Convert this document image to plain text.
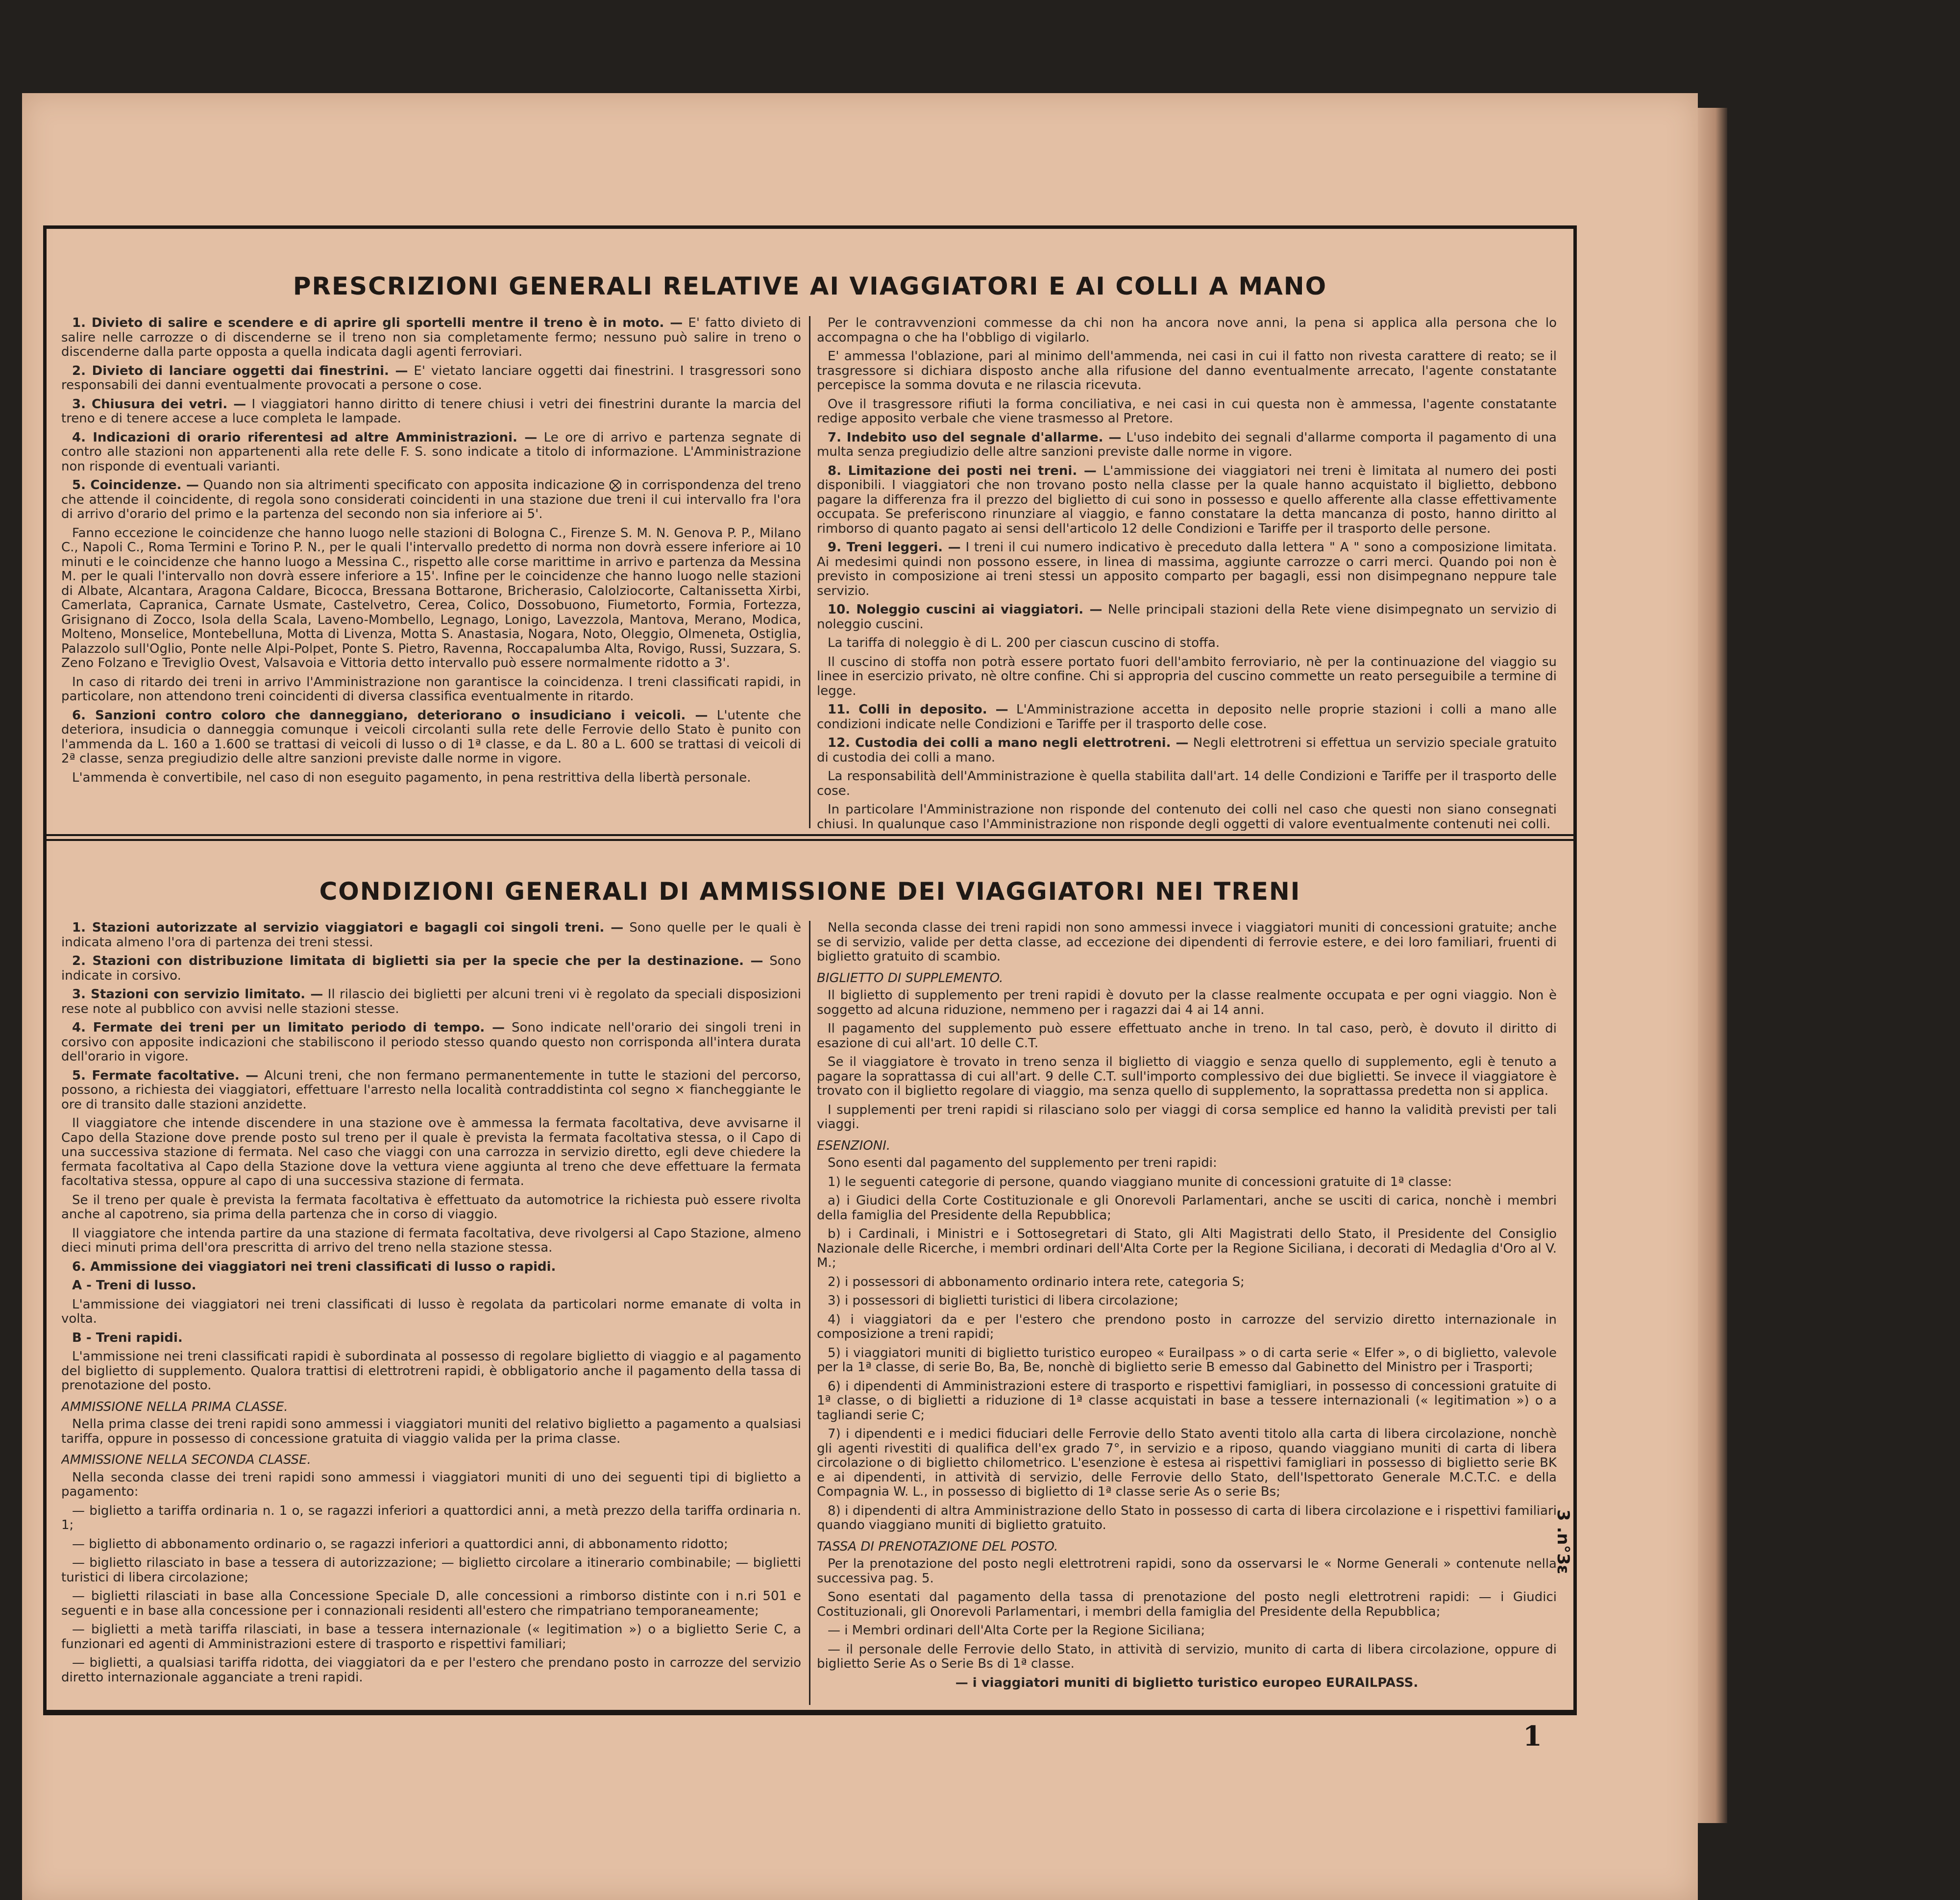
PRESCRIZIONI GENERALI RELATIVE AI VIAGGIATORI E AI COLLI A MANO

1. Divieto di salire e scendere e di aprire gli sportelli mentre il treno è in moto. — E' fatto divieto di salire nelle carrozze o di discenderne se il treno non sia completamente fermo; nessuno può salire in treno o discenderne dalla parte opposta a quella indicata dagli agenti ferroviari.

2. Divieto di lanciare oggetti dai finestrini. — E' vietato lanciare oggetti dai finestrini. I trasgressori sono responsabili dei danni eventualmente provocati a persone o cose.

3. Chiusura dei vetri. — I viaggiatori hanno diritto di tenere chiusi i vetri dei finestrini durante la marcia del treno e di tenere accese a luce completa le lampade.

4. Indicazioni di orario riferentesi ad altre Amministrazioni. — Le ore di arrivo e partenza segnate di contro alle stazioni non appartenenti alla rete delle F. S. sono indicate a titolo di informazione. L'Amministrazione non risponde di eventuali varianti.

5. Coincidenze. — Quando non sia altrimenti specificato con apposita indicazione ⨂ in corrispondenza del treno che attende il coincidente, di regola sono considerati coincidenti in una stazione due treni il cui intervallo fra l'ora di arrivo d'orario del primo e la partenza del secondo non sia inferiore ai 5'.

Fanno eccezione le coincidenze che hanno luogo nelle stazioni di Bologna C., Firenze S. M. N. Genova P. P., Milano C., Napoli C., Roma Termini e Torino P. N., per le quali l'intervallo predetto di norma non dovrà essere inferiore ai 10 minuti e le coincidenze che hanno luogo a Messina C., rispetto alle corse marittime in arrivo e partenza da Messina M. per le quali l'intervallo non dovrà essere inferiore a 15'. Infine per le coincidenze che hanno luogo nelle stazioni di Albate, Alcantara, Aragona Caldare, Bicocca, Bressana Bottarone, Bricherasio, Calolziocorte, Caltanissetta Xirbi, Camerlata, Capranica, Carnate Usmate, Castelvetro, Cerea, Colico, Dossobuono, Fiumetorto, Formia, Fortezza, Grisignano di Zocco, Isola della Scala, Laveno-Mombello, Legnago, Lonigo, Lavezzola, Mantova, Merano, Modica, Molteno, Monselice, Montebelluna, Motta di Livenza, Motta S. Anastasia, Nogara, Noto, Oleggio, Olmeneta, Ostiglia, Palazzolo sull'Oglio, Ponte nelle Alpi-Polpet, Ponte S. Pietro, Ravenna, Roccapalumba Alta, Rovigo, Russi, Suzzara, S. Zeno Folzano e Treviglio Ovest, Valsavoia e Vittoria detto intervallo può essere normalmente ridotto a 3'.

In caso di ritardo dei treni in arrivo l'Amministrazione non garantisce la coincidenza. I treni classificati rapidi, in particolare, non attendono treni coincidenti di diversa classifica eventualmente in ritardo.

6. Sanzioni contro coloro che danneggiano, deteriorano o insudiciano i veicoli. — L'utente che deteriora, insudicia o danneggia comunque i veicoli circolanti sulla rete delle Ferrovie dello Stato è punito con l'ammenda da L. 160 a 1.600 se trattasi di veicoli di lusso o di 1ª classe, e da L. 80 a L. 600 se trattasi di veicoli di 2ª classe, senza pregiudizio delle altre sanzioni previste dalle norme in vigore.

L'ammenda è convertibile, nel caso di non eseguito pagamento, in pena restrittiva della libertà personale.

Per le contravvenzioni commesse da chi non ha ancora nove anni, la pena si applica alla persona che lo accompagna o che ha l'obbligo di vigilarlo.

E' ammessa l'oblazione, pari al minimo dell'ammenda, nei casi in cui il fatto non rivesta carattere di reato; se il trasgressore si dichiara disposto anche alla rifusione del danno eventualmente arrecato, l'agente constatante percepisce la somma dovuta e ne rilascia ricevuta.

Ove il trasgressore rifiuti la forma conciliativa, e nei casi in cui questa non è ammessa, l'agente constatante redige apposito verbale che viene trasmesso al Pretore.

7. Indebito uso del segnale d'allarme. — L'uso indebito dei segnali d'allarme comporta il pagamento di una multa senza pregiudizio delle altre sanzioni previste dalle norme in vigore.

8. Limitazione dei posti nei treni. — L'ammissione dei viaggiatori nei treni è limitata al numero dei posti disponibili. I viaggiatori che non trovano posto nella classe per la quale hanno acquistato il biglietto, debbono pagare la differenza fra il prezzo del biglietto di cui sono in possesso e quello afferente alla classe effettivamente occupata. Se preferiscono rinunziare al viaggio, e fanno constatare la detta mancanza di posto, hanno diritto al rimborso di quanto pagato ai sensi dell'articolo 12 delle Condizioni e Tariffe per il trasporto delle persone.

9. Treni leggeri. — I treni il cui numero indicativo è preceduto dalla lettera " A " sono a composizione limitata. Ai medesimi quindi non possono essere, in linea di massima, aggiunte carrozze o carri merci. Quando poi non è previsto in composizione ai treni stessi un apposito comparto per bagagli, essi non disimpegnano neppure tale servizio.

10. Noleggio cuscini ai viaggiatori. — Nelle principali stazioni della Rete viene disimpegnato un servizio di noleggio cuscini.

La tariffa di noleggio è di L. 200 per ciascun cuscino di stoffa.

Il cuscino di stoffa non potrà essere portato fuori dell'ambito ferroviario, nè per la continuazione del viaggio su linee in esercizio privato, nè oltre confine. Chi si appropria del cuscino commette un reato perseguibile a termine di legge.

11. Colli in deposito. — L'Amministrazione accetta in deposito nelle proprie stazioni i colli a mano alle condizioni indicate nelle Condizioni e Tariffe per il trasporto delle cose.

12. Custodia dei colli a mano negli elettrotreni. — Negli elettrotreni si effettua un servizio speciale gratuito di custodia dei colli a mano.

La responsabilità dell'Amministrazione è quella stabilita dall'art. 14 delle Condizioni e Tariffe per il trasporto delle cose.

In particolare l'Amministrazione non risponde del contenuto dei colli nel caso che questi non siano consegnati chiusi. In qualunque caso l'Amministrazione non risponde degli oggetti di valore eventualmente contenuti nei colli.

CONDIZIONI GENERALI DI AMMISSIONE DEI VIAGGIATORI NEI TRENI

1. Stazioni autorizzate al servizio viaggiatori e bagagli coi singoli treni. — Sono quelle per le quali è indicata almeno l'ora di partenza dei treni stessi.

2. Stazioni con distribuzione limitata di biglietti sia per la specie che per la destinazione. — Sono indicate in corsivo.

3. Stazioni con servizio limitato. — Il rilascio dei biglietti per alcuni treni vi è regolato da speciali disposizioni rese note al pubblico con avvisi nelle stazioni stesse.

4. Fermate dei treni per un limitato periodo di tempo. — Sono indicate nell'orario dei singoli treni in corsivo con apposite indicazioni che stabiliscono il periodo stesso quando questo non corrisponda all'intera durata dell'orario in vigore.

5. Fermate facoltative. — Alcuni treni, che non fermano permanentemente in tutte le stazioni del percorso, possono, a richiesta dei viaggiatori, effettuare l'arresto nella località contraddistinta col segno × fiancheggiante le ore di transito dalle stazioni anzidette.

Il viaggiatore che intende discendere in una stazione ove è ammessa la fermata facoltativa, deve avvisarne il Capo della Stazione dove prende posto sul treno per il quale è prevista la fermata facoltativa stessa, o il Capo di una successiva stazione di fermata. Nel caso che viaggi con una carrozza in servizio diretto, egli deve chiedere la fermata facoltativa al Capo della Stazione dove la vettura viene aggiunta al treno che deve effettuare la fermata facoltativa stessa, oppure al capo di una successiva stazione di fermata.

Se il treno per quale è prevista la fermata facoltativa è effettuato da automotrice la richiesta può essere rivolta anche al capotreno, sia prima della partenza che in corso di viaggio.

Il viaggiatore che intenda partire da una stazione di fermata facoltativa, deve rivolgersi al Capo Stazione, almeno dieci minuti prima dell'ora prescritta di arrivo del treno nella stazione stessa.

6. Ammissione dei viaggiatori nei treni classificati di lusso o rapidi.

A - Treni di lusso.

L'ammissione dei viaggiatori nei treni classificati di lusso è regolata da particolari norme emanate di volta in volta.

B - Treni rapidi.

L'ammissione nei treni classificati rapidi è subordinata al possesso di regolare biglietto di viaggio e al pagamento del biglietto di supplemento. Qualora trattisi di elettrotreni rapidi, è obbligatorio anche il pagamento della tassa di prenotazione del posto.

AMMISSIONE NELLA PRIMA CLASSE.

Nella prima classe dei treni rapidi sono ammessi i viaggiatori muniti del relativo biglietto a pagamento a qualsiasi tariffa, oppure in possesso di concessione gratuita di viaggio valida per la prima classe.

AMMISSIONE NELLA SECONDA CLASSE.

Nella seconda classe dei treni rapidi sono ammessi i viaggiatori muniti di uno dei seguenti tipi di biglietto a pagamento:

— biglietto a tariffa ordinaria n. 1 o, se ragazzi inferiori a quattordici anni, a metà prezzo della tariffa ordinaria n. 1;

— biglietto di abbonamento ordinario o, se ragazzi inferiori a quattordici anni, di abbonamento ridotto;

— biglietto rilasciato in base a tessera di autorizzazione; — biglietto circolare a itinerario combinabile; — biglietti turistici di libera circolazione;

— biglietti rilasciati in base alla Concessione Speciale D, alle concessioni a rimborso distinte con i n.ri 501 e seguenti e in base alla concessione per i connazionali residenti all'estero che rimpatriano temporaneamente;

— biglietti a metà tariffa rilasciati, in base a tessera internazionale (« legitimation ») o a biglietto Serie C, a funzionari ed agenti di Amministrazioni estere di trasporto e rispettivi familiari;

— biglietti, a qualsiasi tariffa ridotta, dei viaggiatori da e per l'estero che prendano posto in carrozze del servizio diretto internazionale agganciate a treni rapidi.

Nella seconda classe dei treni rapidi non sono ammessi invece i viaggiatori muniti di concessioni gratuite; anche se di servizio, valide per detta classe, ad eccezione dei dipendenti di ferrovie estere, e dei loro familiari, fruenti di biglietto gratuito di scambio.

BIGLIETTO DI SUPPLEMENTO.

Il biglietto di supplemento per treni rapidi è dovuto per la classe realmente occupata e per ogni viaggio. Non è soggetto ad alcuna riduzione, nemmeno per i ragazzi dai 4 ai 14 anni.

Il pagamento del supplemento può essere effettuato anche in treno. In tal caso, però, è dovuto il diritto di esazione di cui all'art. 10 delle C.T.

Se il viaggiatore è trovato in treno senza il biglietto di viaggio e senza quello di supplemento, egli è tenuto a pagare la soprattassa di cui all'art. 9 delle C.T. sull'importo complessivo dei due biglietti. Se invece il viaggiatore è trovato con il biglietto regolare di viaggio, ma senza quello di supplemento, la soprattassa predetta non si applica.

I supplementi per treni rapidi si rilasciano solo per viaggi di corsa semplice ed hanno la validità previsti per tali viaggi.

ESENZIONI.

Sono esenti dal pagamento del supplemento per treni rapidi:

1) le seguenti categorie di persone, quando viaggiano munite di concessioni gratuite di 1ª classe:

a) i Giudici della Corte Costituzionale e gli Onorevoli Parlamentari, anche se usciti di carica, nonchè i membri della famiglia del Presidente della Repubblica;

b) i Cardinali, i Ministri e i Sottosegretari di Stato, gli Alti Magistrati dello Stato, il Presidente del Consiglio Nazionale delle Ricerche, i membri ordinari dell'Alta Corte per la Regione Siciliana, i decorati di Medaglia d'Oro al V. M.;

2) i possessori di abbonamento ordinario intera rete, categoria S;

3) i possessori di biglietti turistici di libera circolazione;

4) i viaggiatori da e per l'estero che prendono posto in carrozze del servizio diretto internazionale in composizione a treni rapidi;

5) i viaggiatori muniti di biglietto turistico europeo « Eurailpass » o di carta serie « Elfer », o di biglietto, valevole per la 1ª classe, di serie Bo, Ba, Be, nonchè di biglietto serie B emesso dal Gabinetto del Ministro per i Trasporti;

6) i dipendenti di Amministrazioni estere di trasporto e rispettivi famigliari, in possesso di concessioni gratuite di 1ª classe, o di biglietti a riduzione di 1ª classe acquistati in base a tessere internazionali (« legitimation ») o a tagliandi serie C;

7) i dipendenti e i medici fiduciari delle Ferrovie dello Stato aventi titolo alla carta di libera circolazione, nonchè gli agenti rivestiti di qualifica dell'ex grado 7°, in servizio e a riposo, quando viaggiano muniti di carta di libera circolazione o di biglietto chilometrico. L'esenzione è estesa ai rispettivi famigliari in possesso di biglietto serie BK e ai dipendenti, in attività di servizio, delle Ferrovie dello Stato, dell'Ispettorato Generale M.C.T.C. e della Compagnia W. L., in possesso di biglietto di 1ª classe serie As o serie Bs;

8) i dipendenti di altra Amministrazione dello Stato in possesso di carta di libera circolazione e i rispettivi familiari quando viaggiano muniti di biglietto gratuito.

TASSA DI PRENOTAZIONE DEL POSTO.

Per la prenotazione del posto negli elettrotreni rapidi, sono da osservarsi le « Norme Generali » contenute nella successiva pag. 5.

Sono esentati dal pagamento della tassa di prenotazione del posto negli elettrotreni rapidi: — i Giudici Costituzionali, gli Onorevoli Parlamentari, i membri della famiglia del Presidente della Repubblica;

— i Membri ordinari dell'Alta Corte per la Regione Siciliana;

— il personale delle Ferrovie dello Stato, in attività di servizio, munito di carta di libera circolazione, oppure di biglietto Serie As o Serie Bs di 1ª classe.

— i viaggiatori muniti di biglietto turistico europeo EURAILPASS.

3 .n°3ɛ
1
